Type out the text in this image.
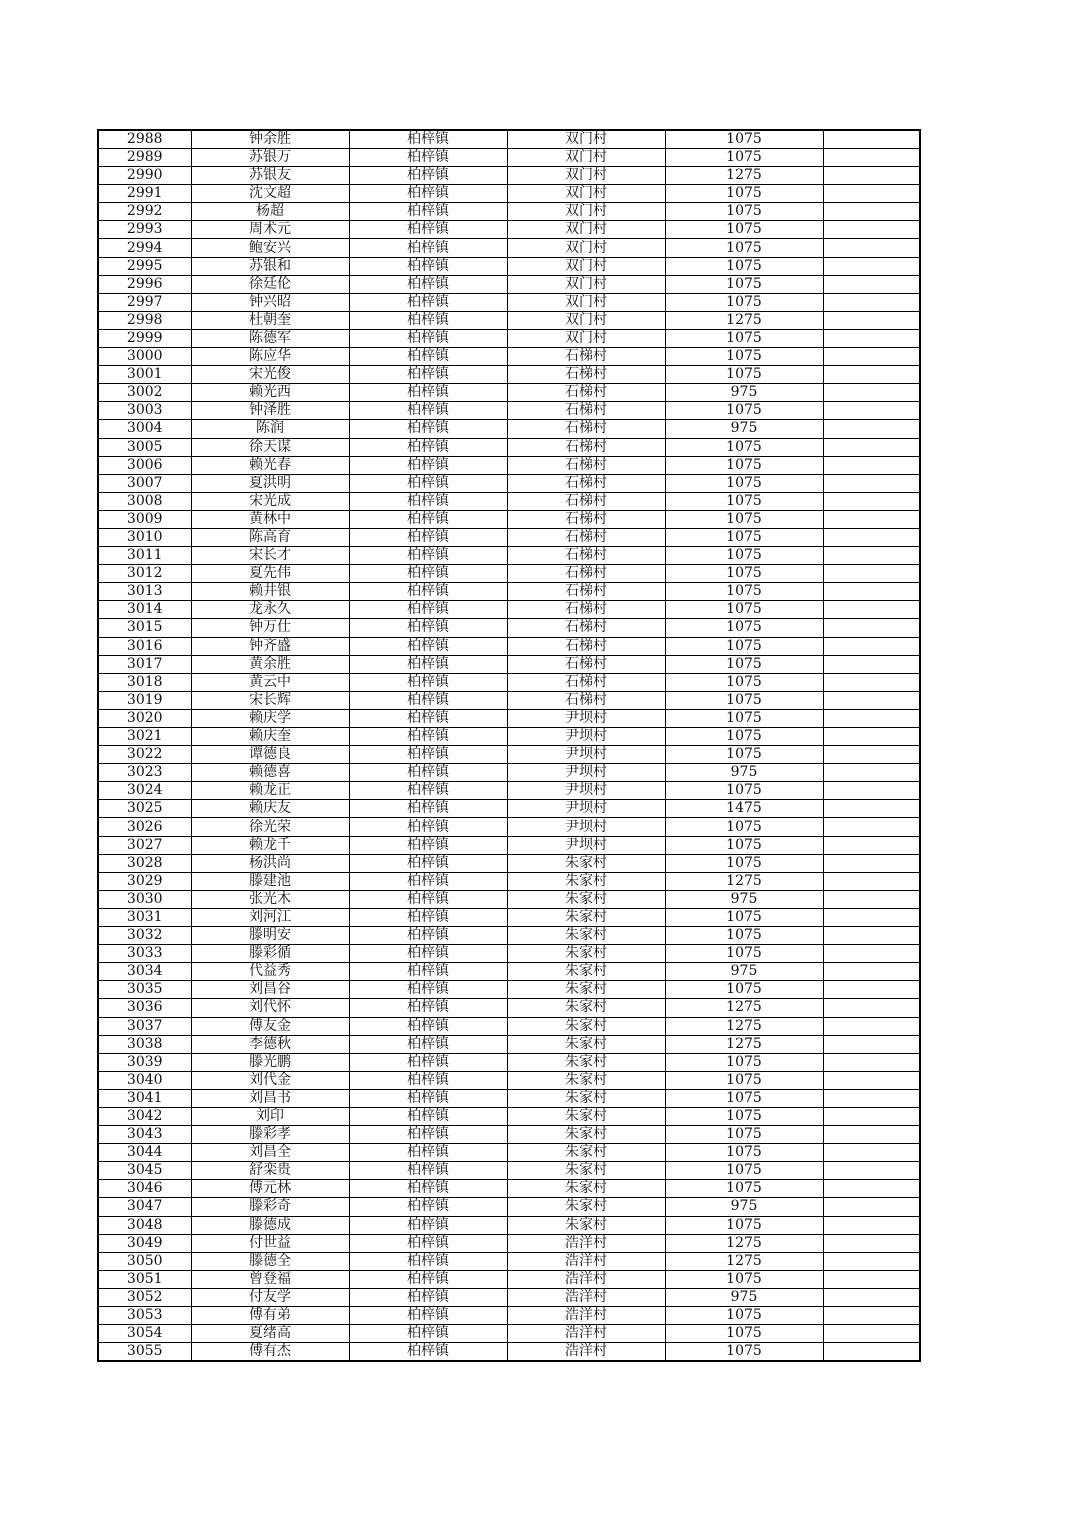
2988	钟余胜	柏梓镇	双门村	1075	
2989	苏银万	柏梓镇	双门村	1075	
2990	苏银友	柏梓镇	双门村	1275	
2991	沈文超	柏梓镇	双门村	1075	
2992	杨超	柏梓镇	双门村	1075	
2993	周术元	柏梓镇	双门村	1075	
2994	鲍安兴	柏梓镇	双门村	1075	
2995	苏银和	柏梓镇	双门村	1075	
2996	徐廷伦	柏梓镇	双门村	1075	
2997	钟兴昭	柏梓镇	双门村	1075	
2998	杜朝奎	柏梓镇	双门村	1275	
2999	陈德军	柏梓镇	双门村	1075	
3000	陈应华	柏梓镇	石梯村	1075	
3001	宋光俊	柏梓镇	石梯村	1075	
3002	赖光西	柏梓镇	石梯村	975	
3003	钟泽胜	柏梓镇	石梯村	1075	
3004	陈润	柏梓镇	石梯村	975	
3005	徐天谋	柏梓镇	石梯村	1075	
3006	赖光春	柏梓镇	石梯村	1075	
3007	夏洪明	柏梓镇	石梯村	1075	
3008	宋光成	柏梓镇	石梯村	1075	
3009	黄林中	柏梓镇	石梯村	1075	
3010	陈高育	柏梓镇	石梯村	1075	
3011	宋长才	柏梓镇	石梯村	1075	
3012	夏先伟	柏梓镇	石梯村	1075	
3013	赖井银	柏梓镇	石梯村	1075	
3014	龙永久	柏梓镇	石梯村	1075	
3015	钟万仕	柏梓镇	石梯村	1075	
3016	钟齐盛	柏梓镇	石梯村	1075	
3017	黄余胜	柏梓镇	石梯村	1075	
3018	黄云中	柏梓镇	石梯村	1075	
3019	宋长辉	柏梓镇	石梯村	1075	
3020	赖庆学	柏梓镇	尹坝村	1075	
3021	赖庆奎	柏梓镇	尹坝村	1075	
3022	谭德良	柏梓镇	尹坝村	1075	
3023	赖德喜	柏梓镇	尹坝村	975	
3024	赖龙正	柏梓镇	尹坝村	1075	
3025	赖庆友	柏梓镇	尹坝村	1475	
3026	徐光荣	柏梓镇	尹坝村	1075	
3027	赖龙千	柏梓镇	尹坝村	1075	
3028	杨洪尚	柏梓镇	朱家村	1075	
3029	滕建池	柏梓镇	朱家村	1275	
3030	张光木	柏梓镇	朱家村	975	
3031	刘河江	柏梓镇	朱家村	1075	
3032	滕明安	柏梓镇	朱家村	1075	
3033	滕彩循	柏梓镇	朱家村	1075	
3034	代益秀	柏梓镇	朱家村	975	
3035	刘昌谷	柏梓镇	朱家村	1075	
3036	刘代怀	柏梓镇	朱家村	1275	
3037	傅友金	柏梓镇	朱家村	1275	
3038	李德秋	柏梓镇	朱家村	1275	
3039	滕光鹏	柏梓镇	朱家村	1075	
3040	刘代金	柏梓镇	朱家村	1075	
3041	刘昌书	柏梓镇	朱家村	1075	
3042	刘印	柏梓镇	朱家村	1075	
3043	滕彩孝	柏梓镇	朱家村	1075	
3044	刘昌全	柏梓镇	朱家村	1075	
3045	舒栾贵	柏梓镇	朱家村	1075	
3046	傅元林	柏梓镇	朱家村	1075	
3047	滕彩奇	柏梓镇	朱家村	975	
3048	滕德成	柏梓镇	朱家村	1075	
3049	付世益	柏梓镇	浩洋村	1275	
3050	滕德全	柏梓镇	浩洋村	1275	
3051	曾登福	柏梓镇	浩洋村	1075	
3052	付友学	柏梓镇	浩洋村	975	
3053	傅有弟	柏梓镇	浩洋村	1075	
3054	夏绪高	柏梓镇	浩洋村	1075	
3055	傅有杰	柏梓镇	浩洋村	1075	
